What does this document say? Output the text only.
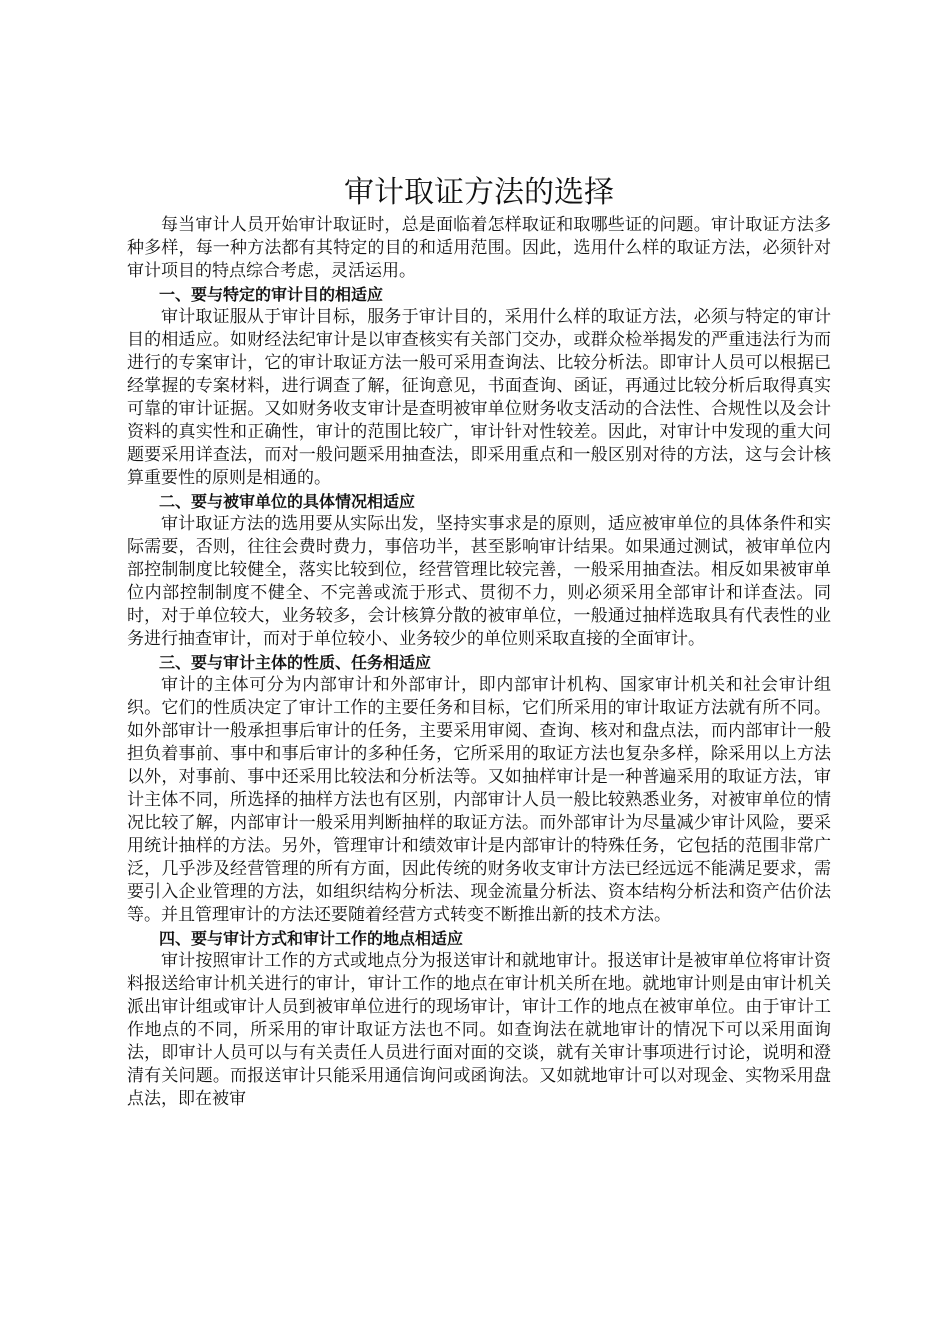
审计取证方法的选择

每当审计人员开始审计取证时，总是面临着怎样取证和取哪些证的问题。审计取证方法多种多样，每一种方法都有其特定的目的和适用范围。因此，选用什么样的取证方法，必须针对审计项目的特点综合考虑，灵活运用。

一、要与特定的审计目的相适应

审计取证服从于审计目标，服务于审计目的，采用什么样的取证方法，必须与特定的审计目的相适应。如财经法纪审计是以审查核实有关部门交办，或群众检举揭发的严重违法行为而进行的专案审计，它的审计取证方法一般可采用查询法、比较分析法。即审计人员可以根据已经掌握的专案材料，进行调查了解，征询意见，书面查询、函证，再通过比较分析后取得真实可靠的审计证据。又如财务收支审计是查明被审单位财务收支活动的合法性、合规性以及会计资料的真实性和正确性，审计的范围比较广，审计针对性较差。因此，对审计中发现的重大问题要采用详查法，而对一般问题采用抽查法，即采用重点和一般区别对待的方法，这与会计核算重要性的原则是相通的。

二、要与被审单位的具体情况相适应

审计取证方法的选用要从实际出发，坚持实事求是的原则，适应被审单位的具体条件和实际需要，否则，往往会费时费力，事倍功半，甚至影响审计结果。如果通过测试，被审单位内部控制制度比较健全，落实比较到位，经营管理比较完善，一般采用抽查法。相反如果被审单位内部控制制度不健全、不完善或流于形式、贯彻不力，则必须采用全部审计和详查法。同时，对于单位较大，业务较多，会计核算分散的被审单位，一般通过抽样选取具有代表性的业务进行抽查审计，而对于单位较小、业务较少的单位则采取直接的全面审计。

三、要与审计主体的性质、任务相适应

审计的主体可分为内部审计和外部审计，即内部审计机构、国家审计机关和社会审计组织。它们的性质决定了审计工作的主要任务和目标，它们所采用的审计取证方法就有所不同。如外部审计一般承担事后审计的任务，主要采用审阅、查询、核对和盘点法，而内部审计一般担负着事前、事中和事后审计的多种任务，它所采用的取证方法也复杂多样，除采用以上方法以外，对事前、事中还采用比较法和分析法等。又如抽样审计是一种普遍采用的取证方法，审计主体不同，所选择的抽样方法也有区别，内部审计人员一般比较熟悉业务，对被审单位的情况比较了解，内部审计一般采用判断抽样的取证方法。而外部审计为尽量减少审计风险，要采用统计抽样的方法。另外，管理审计和绩效审计是内部审计的特殊任务，它包括的范围非常广泛，几乎涉及经营管理的所有方面，因此传统的财务收支审计方法已经远远不能满足要求，需要引入企业管理的方法，如组织结构分析法、现金流量分析法、资本结构分析法和资产估价法等。并且管理审计的方法还要随着经营方式转变不断推出新的技术方法。

四、要与审计方式和审计工作的地点相适应

审计按照审计工作的方式或地点分为报送审计和就地审计。报送审计是被审单位将审计资料报送给审计机关进行的审计，审计工作的地点在审计机关所在地。就地审计则是由审计机关派出审计组或审计人员到被审单位进行的现场审计，审计工作的地点在被审单位。由于审计工作地点的不同，所采用的审计取证方法也不同。如查询法在就地审计的情况下可以采用面询法，即审计人员可以与有关责任人员进行面对面的交谈，就有关审计事项进行讨论，说明和澄清有关问题。而报送审计只能采用通信询问或函询法。又如就地审计可以对现金、实物采用盘点法，即在被审
